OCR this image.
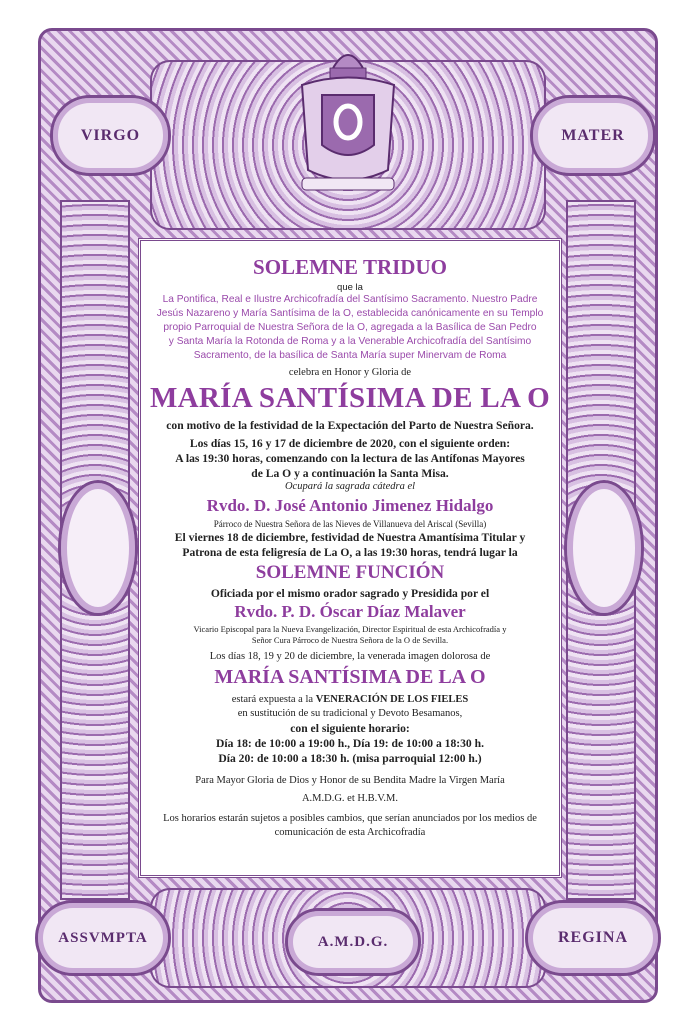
VIRGO	MATER
ASSVMPTA	A.M.D.G.	REGINA

SOLEMNE TRIDUO

que la

La Pontifica, Real e Ilustre Archicofradía del Santísimo Sacramento. Nuestro Padre

Jesús Nazareno y María Santísima de la O, establecida canónicamente en su Templo

propio Parroquial de Nuestra Señora de la O, agregada a la Basílica de San Pedro

y Santa María la Rotonda de Roma y a la Venerable Archicofradía del Santísimo

Sacramento, de la basílica de Santa María super Minervam de Roma

celebra en Honor y Gloria de

MARÍA SANTÍSIMA DE LA O

con motivo de la festividad de la Expectación del Parto de Nuestra Señora.

Los días 15, 16 y 17 de diciembre de 2020, con el siguiente orden:

A las 19:30 horas, comenzando con la lectura de las Antífonas Mayores

de La O y a continuación la Santa Misa.

Ocupará la sagrada cátedra el

Rvdo. D. José Antonio Jimenez Hidalgo

Párroco de Nuestra Señora de las Nieves de Villanueva del Ariscal (Sevilla)

El viernes 18 de diciembre, festividad de Nuestra Amantísima Titular y

Patrona de esta feligresía de La O, a las 19:30 horas, tendrá lugar la

SOLEMNE FUNCIÓN

Oficiada por el mismo orador sagrado y Presidida por el

Rvdo. P. D. Óscar Díaz Malaver

Vicario Episcopal para la Nueva Evangelización, Director Espiritual de esta Archicofradía y

Señor Cura Párroco de Nuestra Señora de la O de Sevilla.

Los días 18, 19 y 20 de diciembre, la venerada imagen dolorosa de

MARÍA SANTÍSIMA DE LA O

estará expuesta a la VENERACIÓN DE LOS FIELES

en sustitución de su tradicional y Devoto Besamanos,

con el siguiente horario:

Día 18: de 10:00 a 19:00 h., Día 19: de 10:00 a 18:30 h.

Día 20: de 10:00 a 18:30 h. (misa parroquial 12:00 h.)

Para Mayor Gloria de Dios y Honor de su Bendita Madre la Virgen María

A.M.D.G. et H.B.V.M.

Los horarios estarán sujetos a posibles cambios, que serían anunciados por los medios de

comunicación de esta Archicofradía
